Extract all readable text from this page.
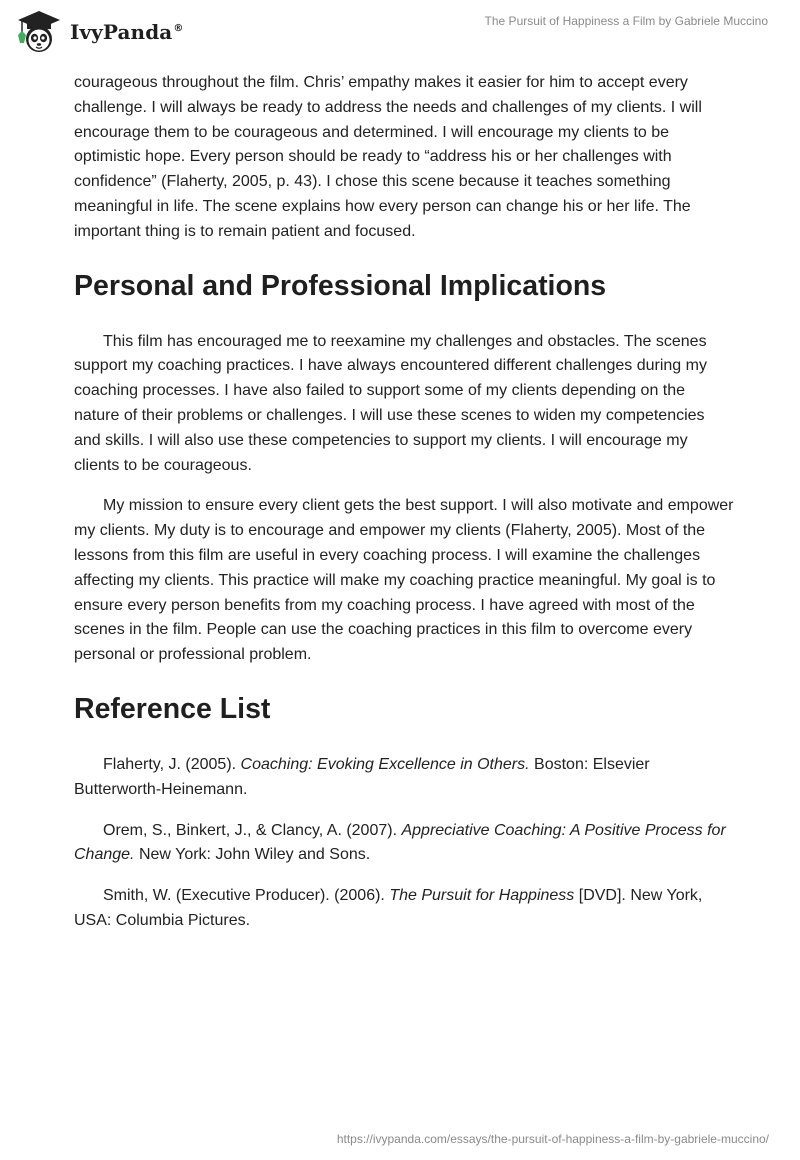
IvyPanda®
The Pursuit of Happiness a Film by Gabriele Muccino

courageous throughout the film. Chris’ empathy makes it easier for him to accept every challenge. I will always be ready to address the needs and challenges of my clients. I will encourage them to be courageous and determined. I will encourage my clients to be optimistic hope. Every person should be ready to “address his or her challenges with confidence” (Flaherty, 2005, p. 43). I chose this scene because it teaches something meaningful in life. The scene explains how every person can change his or her life. The important thing is to remain patient and focused.

Personal and Professional Implications

This film has encouraged me to reexamine my challenges and obstacles. The scenes support my coaching practices. I have always encountered different challenges during my coaching processes. I have also failed to support some of my clients depending on the nature of their problems or challenges. I will use these scenes to widen my competencies and skills. I will also use these competencies to support my clients. I will encourage my clients to be courageous.

My mission to ensure every client gets the best support. I will also motivate and empower my clients. My duty is to encourage and empower my clients (Flaherty, 2005). Most of the lessons from this film are useful in every coaching process. I will examine the challenges affecting my clients. This practice will make my coaching practice meaningful. My goal is to ensure every person benefits from my coaching process. I have agreed with most of the scenes in the film. People can use the coaching practices in this film to overcome every personal or professional problem.

Reference List

Flaherty, J. (2005). Coaching: Evoking Excellence in Others. Boston: Elsevier Butterworth-Heinemann.

Orem, S., Binkert, J., & Clancy, A. (2007). Appreciative Coaching: A Positive Process for Change. New York: John Wiley and Sons.

Smith, W. (Executive Producer). (2006). The Pursuit for Happiness [DVD]. New York, USA: Columbia Pictures.

https://ivypanda.com/essays/the-pursuit-of-happiness-a-film-by-gabriele-muccino/
